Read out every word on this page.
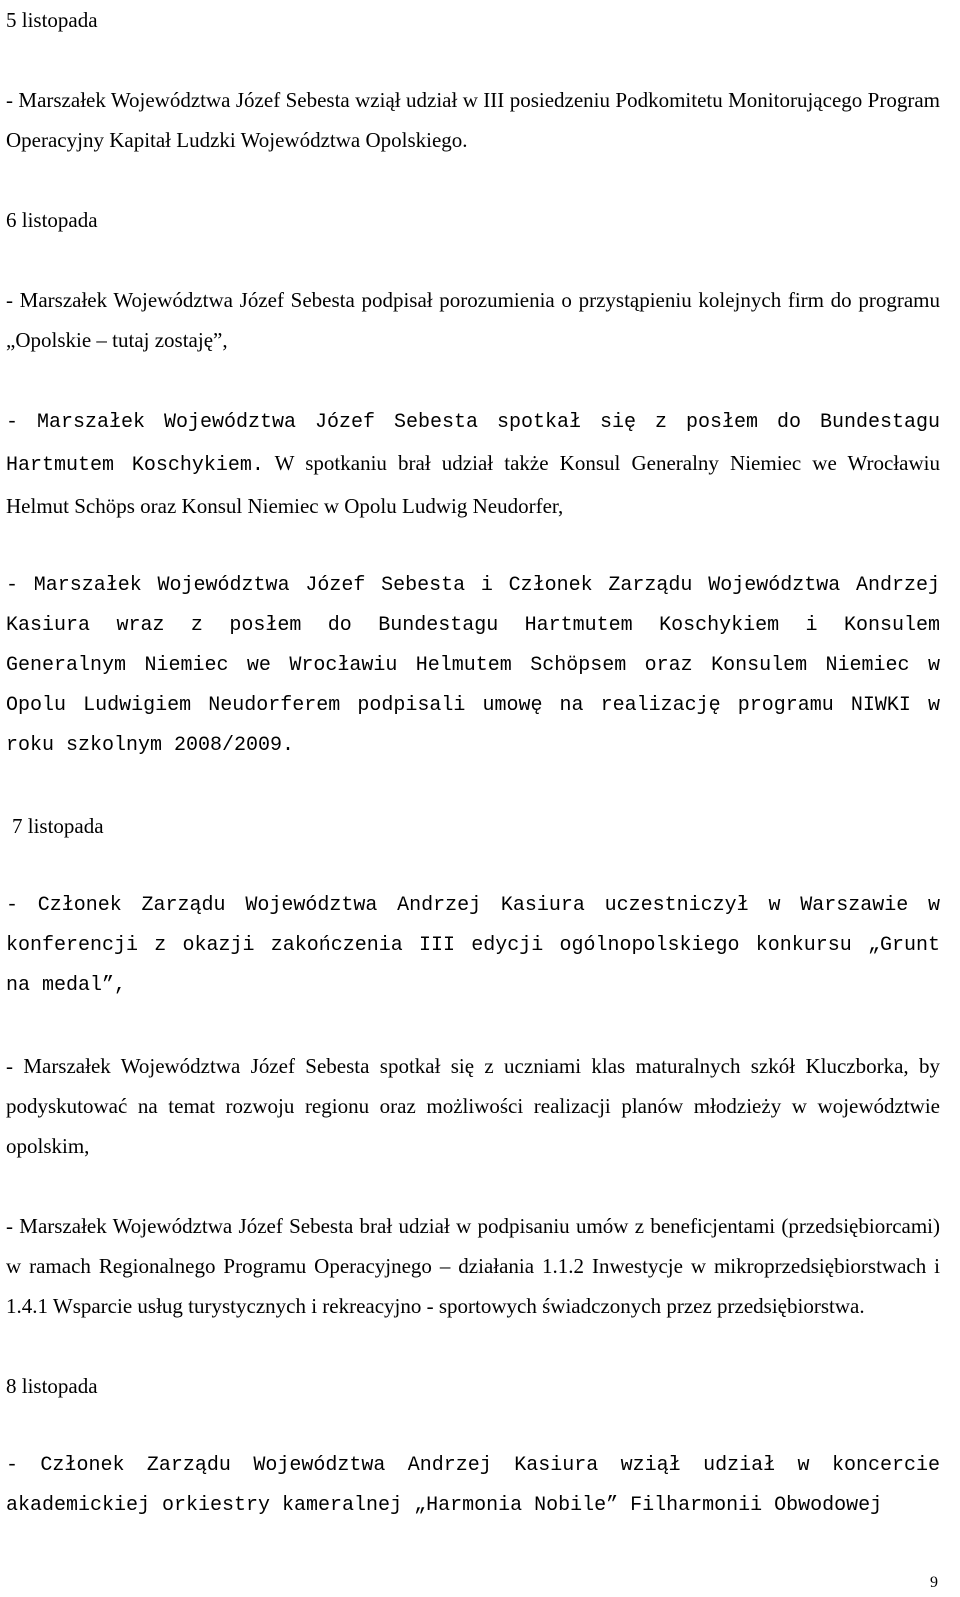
5 listopada

- Marszałek Województwa Józef Sebesta wziął udział w III posiedzeniu Podkomitetu Monitorującego Program Operacyjny Kapitał Ludzki Województwa Opolskiego.

6 listopada

- Marszałek Województwa Józef Sebesta podpisał porozumienia o przystąpieniu kolejnych firm do programu „Opolskie – tutaj zostaję”,

- Marszałek Województwa Józef Sebesta spotkał się z posłem do Bundestagu Hartmutem Koschykiem. W spotkaniu brał udział także Konsul Generalny Niemiec we Wrocławiu Helmut Schöps oraz Konsul Niemiec w Opolu Ludwig Neudorfer,

- Marszałek Województwa Józef Sebesta i Członek Zarządu Województwa Andrzej Kasiura wraz z posłem do Bundestagu Hartmutem Koschykiem i Konsulem Generalnym Niemiec we Wrocławiu Helmutem Schöpsem oraz Konsulem Niemiec w Opolu Ludwigiem Neudorferem podpisali umowę na realizację programu NIWKI w roku szkolnym 2008/2009.

7 listopada

- Członek Zarządu Województwa Andrzej Kasiura uczestniczył w Warszawie w konferencji z okazji zakończenia III edycji ogólnopolskiego konkursu „Grunt na medal”,

- Marszałek Województwa Józef Sebesta spotkał się z uczniami klas maturalnych szkół Kluczborka, by podyskutować na temat rozwoju regionu oraz możliwości realizacji planów młodzieży w województwie opolskim,

- Marszałek Województwa Józef Sebesta brał udział w podpisaniu umów z beneficjentami (przedsiębiorcami) w ramach Regionalnego Programu Operacyjnego – działania 1.1.2 Inwestycje w mikroprzedsiębiorstwach i 1.4.1 Wsparcie usług turystycznych i rekreacyjno - sportowych świadczonych przez przedsiębiorstwa.

8 listopada

- Członek Zarządu Województwa Andrzej Kasiura wziął udział w koncercie akademickiej orkiestry kameralnej „Harmonia Nobile” Filharmonii Obwodowej

9
